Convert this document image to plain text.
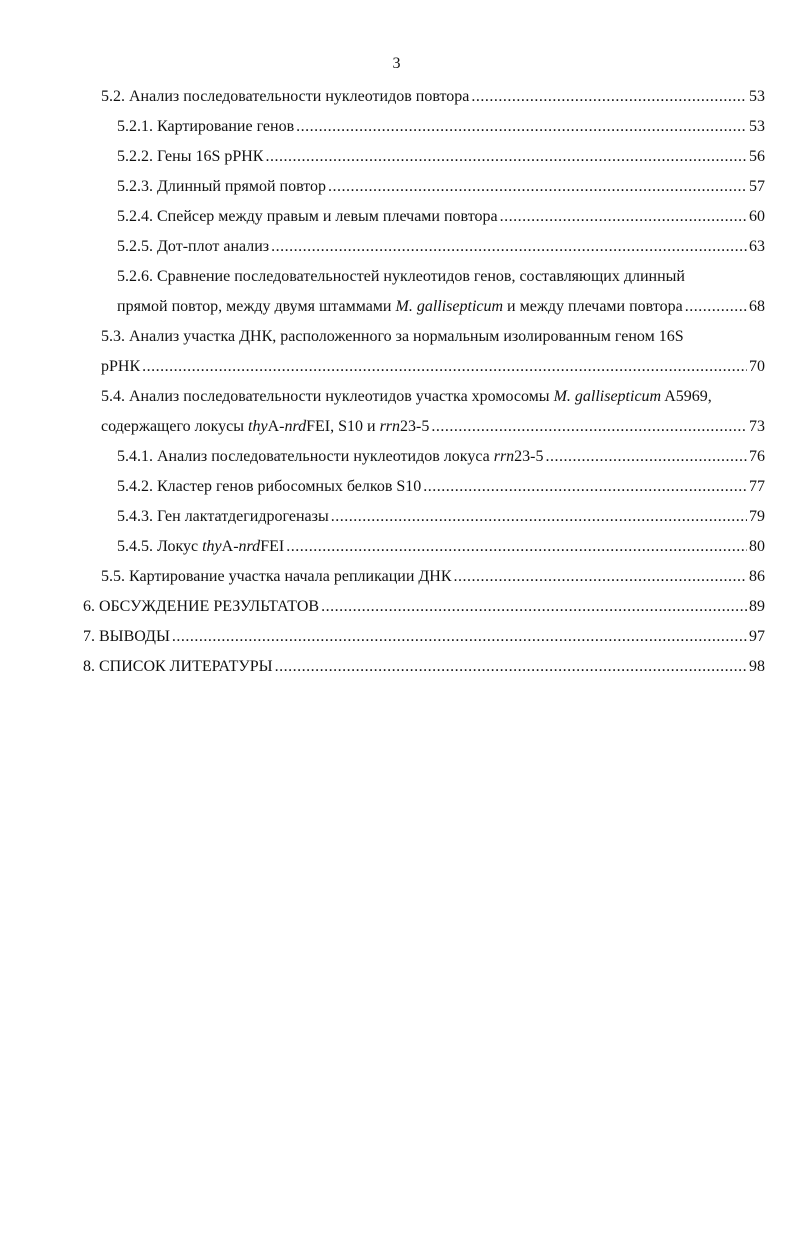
3
5.2. Анализ последовательности нуклеотидов повтора .....	53
5.2.1. Картирование генов .....	53
5.2.2. Гены 16S рРНК .....	56
5.2.3. Длинный прямой повтор .....	57
5.2.4. Спейсер между правым и левым плечами повтора .....	60
5.2.5. Дот-плот анализ .....	63
5.2.6. Сравнение последовательностей нуклеотидов генов, составляющих длинный
прямой повтор, между двумя штаммами M. gallisepticum и между плечами повтора .....	68
5.3. Анализ участка ДНК, расположенного за нормальным изолированным геном 16S
рРНК .....	70
5.4. Анализ последовательности нуклеотидов участка хромосомы M. gallisepticum A5969,
содержащего локусы thyA-nrdFEI, S10 и rrn23-5 .....	73
5.4.1. Анализ последовательности нуклеотидов локуса rrn23-5 .....	76
5.4.2. Кластер генов рибосомных белков S10 .....	77
5.4.3. Ген лактатдегидрогеназы .....	79
5.4.5. Локус thyA-nrdFEI .....	80
5.5. Картирование участка начала репликации ДНК .....	86
6. ОБСУЖДЕНИЕ РЕЗУЛЬТАТОВ .....	89
7. ВЫВОДЫ .....	97
8. СПИСОК ЛИТЕРАТУРЫ .....	98
